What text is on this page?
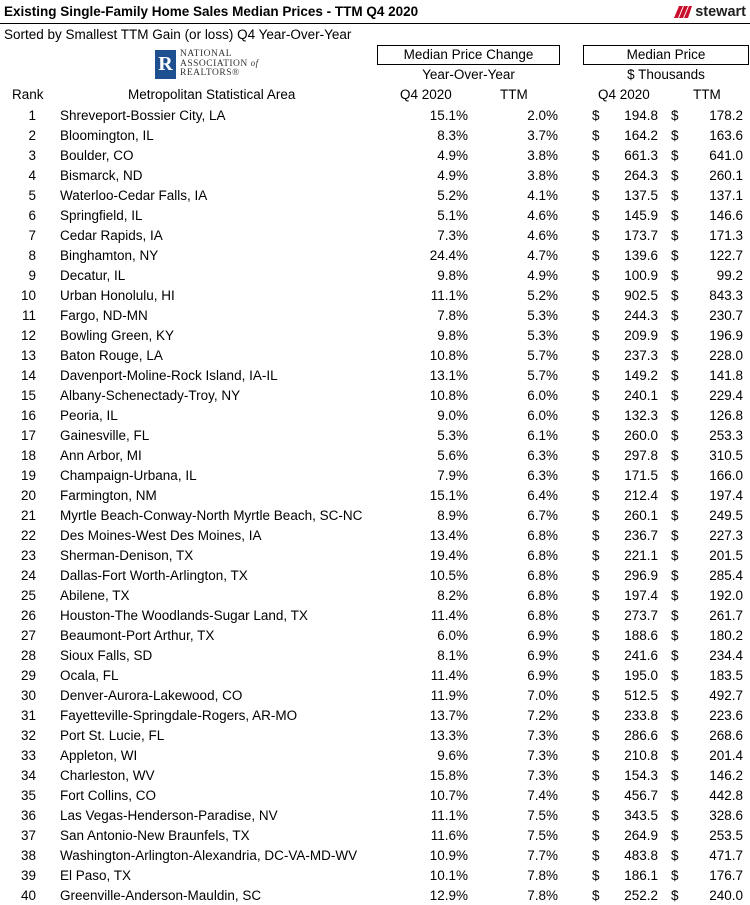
Existing Single-Family Home Sales Median Prices - TTM Q4 2020	stewart
Sorted by Smallest TTM Gain (or loss) Q4 Year-Over-Year
R NATIONAL
ASSOCIATION of
REALTORS®
Median Price Change
Year-Over-Year
Median Price
$ Thousands
Rank	Metropolitan Statistical Area	Q4 2020	TTM	Q4 2020	TTM
1 Shreveport-Bossier City, LA	15.1%	2.0%	$	194.8 $	178.2
2 Bloomington, IL	8.3%	3.7%	$	164.2 $	163.6
3 Boulder, CO	4.9%	3.8%	$	661.3 $	641.0
4 Bismarck, ND	4.9%	3.8%	$	264.3 $	260.1
5 Waterloo-Cedar Falls, IA	5.2%	4.1%	$	137.5 $	137.1
6 Springfield, IL	5.1%	4.6%	$	145.9 $	146.6
7 Cedar Rapids, IA	7.3%	4.6%	$	173.7 $	171.3
8 Binghamton, NY	24.4%	4.7%	$	139.6 $	122.7
9 Decatur, IL	9.8%	4.9%	$	100.9 $	99.2
10 Urban Honolulu, HI	11.1%	5.2%	$	902.5 $	843.3
11 Fargo, ND-MN	7.8%	5.3%	$	244.3 $	230.7
12 Bowling Green, KY	9.8%	5.3%	$	209.9 $	196.9
13 Baton Rouge, LA	10.8%	5.7%	$	237.3 $	228.0
14 Davenport-Moline-Rock Island, IA-IL	13.1%	5.7%	$	149.2 $	141.8
15 Albany-Schenectady-Troy, NY	10.8%	6.0%	$	240.1 $	229.4
16 Peoria, IL	9.0%	6.0%	$	132.3 $	126.8
17 Gainesville, FL	5.3%	6.1%	$	260.0 $	253.3
18 Ann Arbor, MI	5.6%	6.3%	$	297.8 $	310.5
19 Champaign-Urbana, IL	7.9%	6.3%	$	171.5 $	166.0
20 Farmington, NM	15.1%	6.4%	$	212.4 $	197.4
21 Myrtle Beach-Conway-North Myrtle Beach, SC-NC	8.9%	6.7%	$	260.1 $	249.5
22 Des Moines-West Des Moines, IA	13.4%	6.8%	$	236.7 $	227.3
23 Sherman-Denison, TX	19.4%	6.8%	$	221.1 $	201.5
24 Dallas-Fort Worth-Arlington, TX	10.5%	6.8%	$	296.9 $	285.4
25 Abilene, TX	8.2%	6.8%	$	197.4 $	192.0
26 Houston-The Woodlands-Sugar Land, TX	11.4%	6.8%	$	273.7 $	261.7
27 Beaumont-Port Arthur, TX	6.0%	6.9%	$	188.6 $	180.2
28 Sioux Falls, SD	8.1%	6.9%	$	241.6 $	234.4
29 Ocala, FL	11.4%	6.9%	$	195.0 $	183.5
30 Denver-Aurora-Lakewood, CO	11.9%	7.0%	$	512.5 $	492.7
31 Fayetteville-Springdale-Rogers, AR-MO	13.7%	7.2%	$	233.8 $	223.6
32 Port St. Lucie, FL	13.3%	7.3%	$	286.6 $	268.6
33 Appleton, WI	9.6%	7.3%	$	210.8 $	201.4
34 Charleston, WV	15.8%	7.3%	$	154.3 $	146.2
35 Fort Collins, CO	10.7%	7.4%	$	456.7 $	442.8
36 Las Vegas-Henderson-Paradise, NV	11.1%	7.5%	$	343.5 $	328.6
37 San Antonio-New Braunfels, TX	11.6%	7.5%	$	264.9 $	253.5
38 Washington-Arlington-Alexandria, DC-VA-MD-WV	10.9%	7.7%	$	483.8 $	471.7
39 El Paso, TX	10.1%	7.8%	$	186.1 $	176.7
40 Greenville-Anderson-Mauldin, SC	12.9%	7.8%	$	252.2 $	240.0
